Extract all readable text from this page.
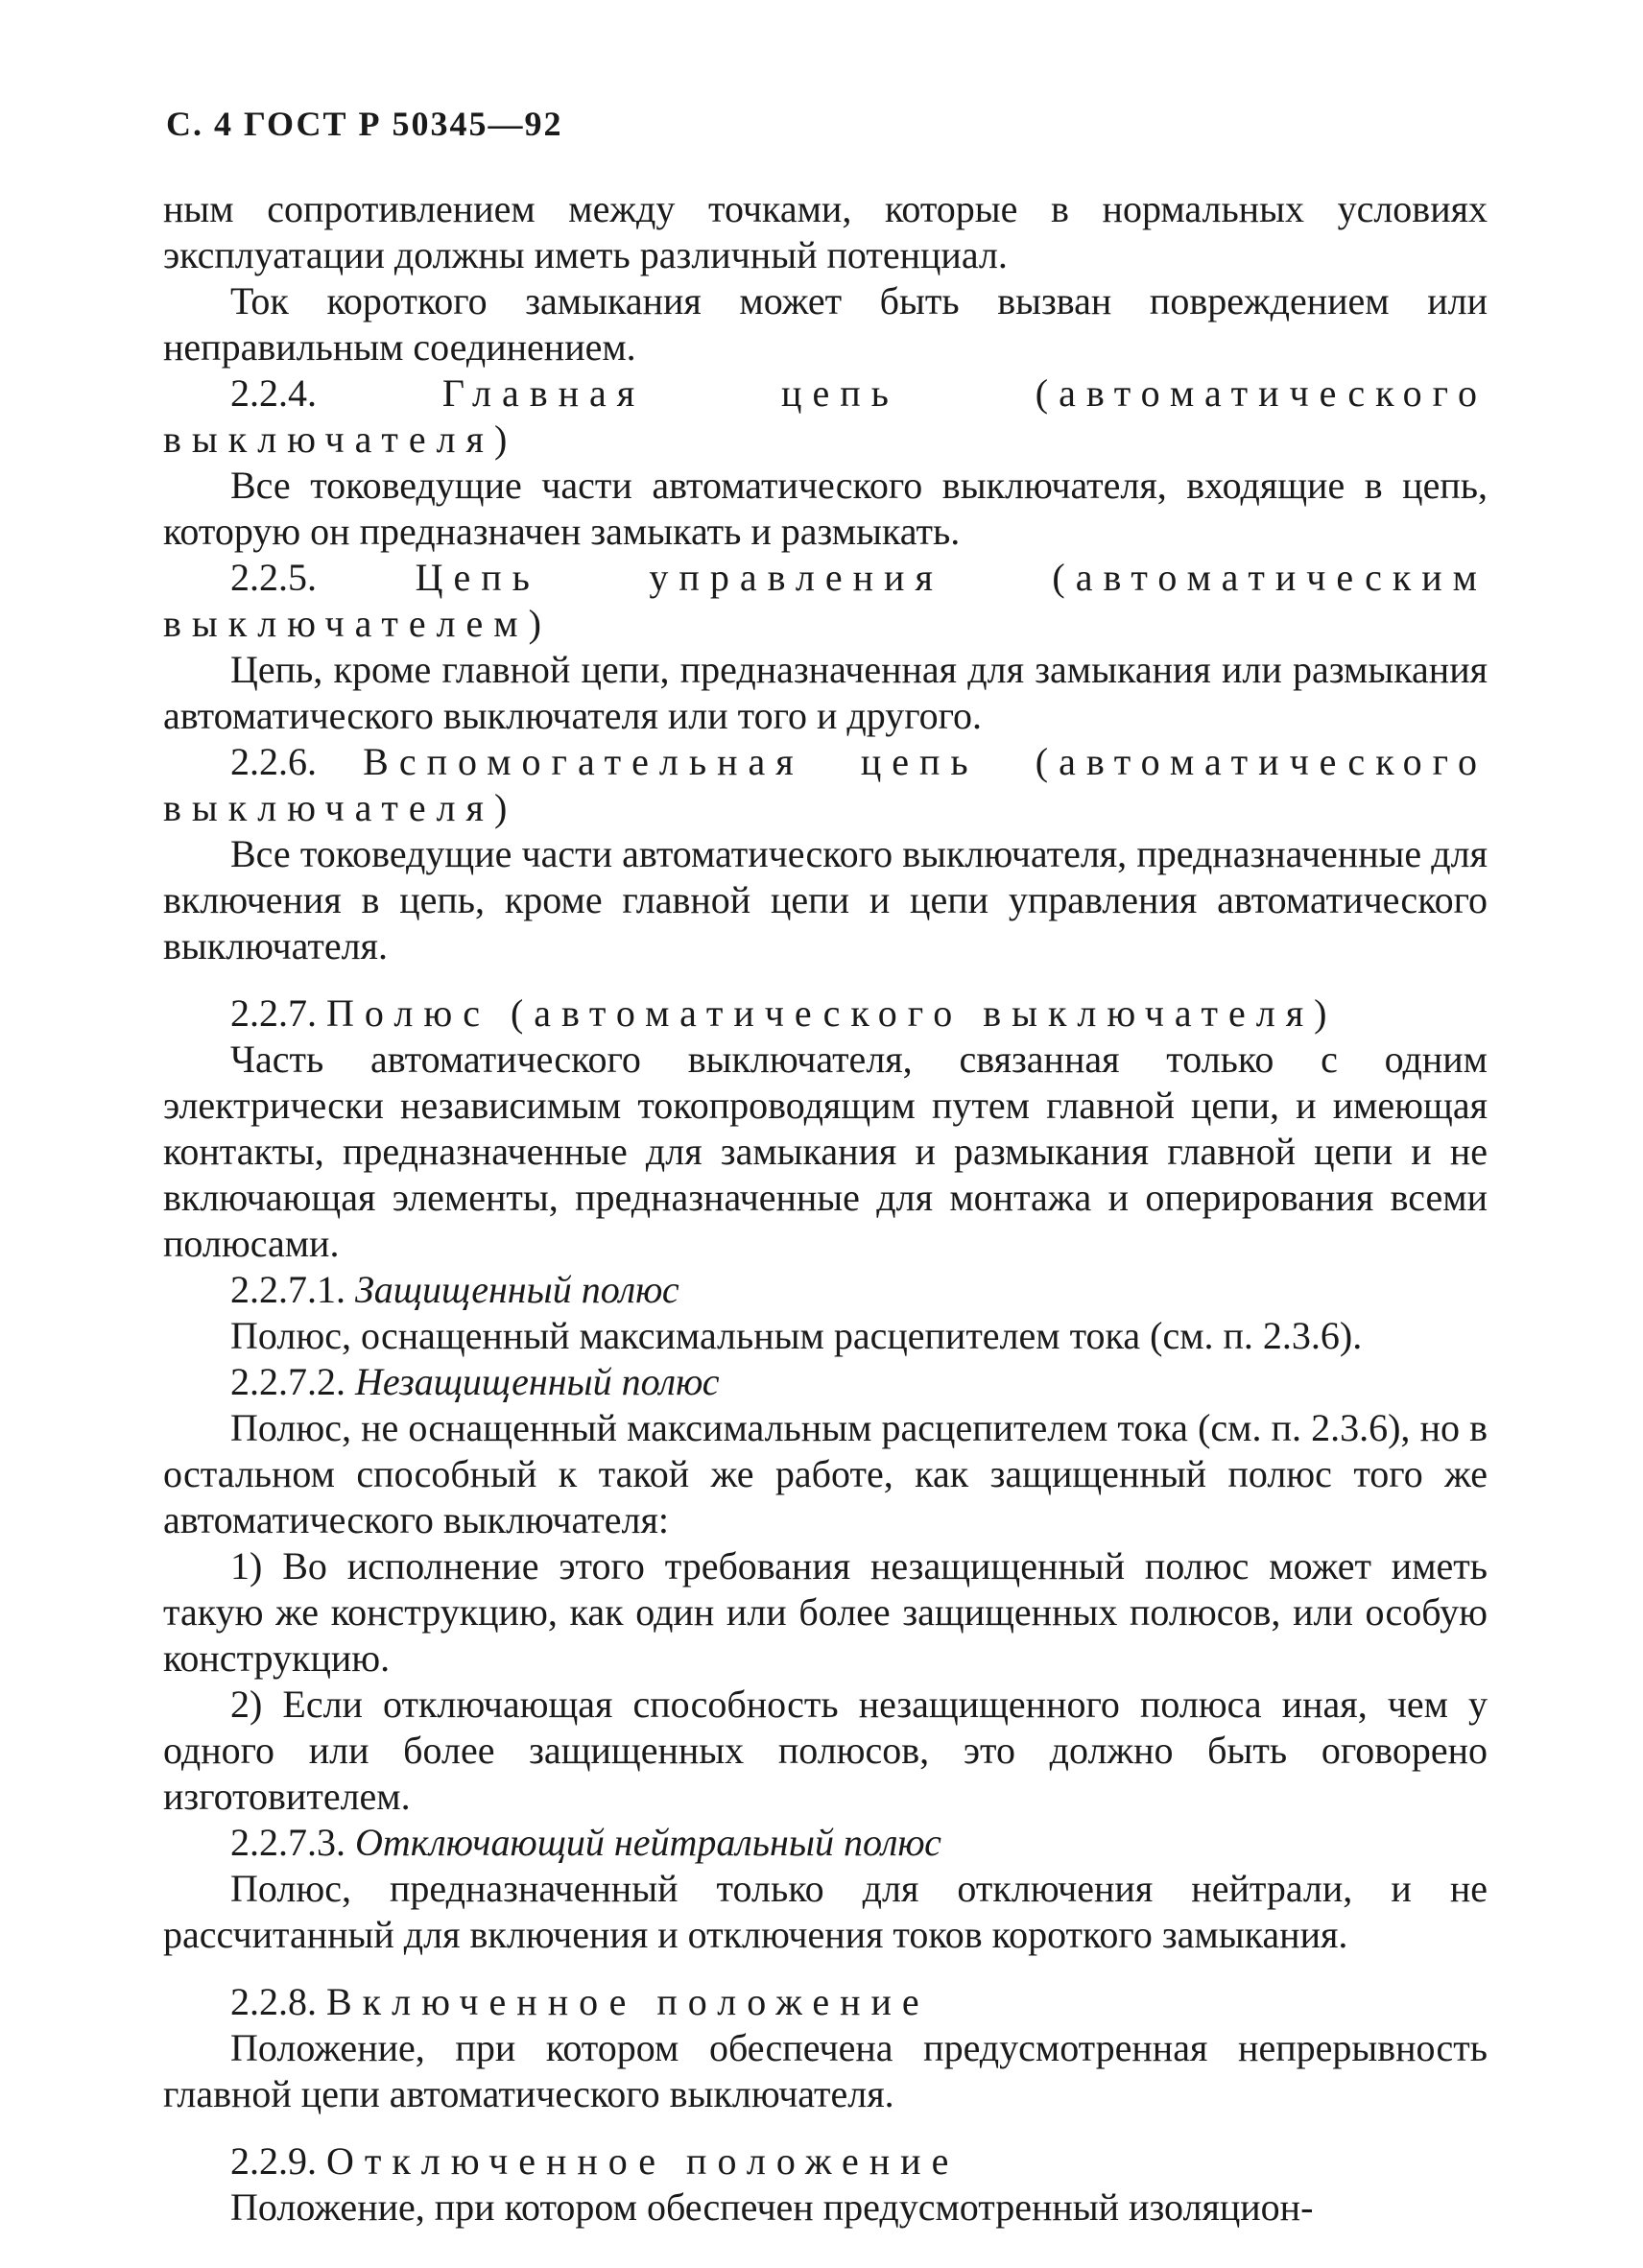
С. 4 ГОСТ Р 50345—92

ным сопротивлением между точками, которые в нормальных условиях эксплуатации должны иметь различный потенциал.

Ток короткого замыкания может быть вызван повреждением или неправильным соединением.

2.2.4.	Главная цепь (автоматического выключателя)

Все токоведущие части автоматического выключателя, входящие в цепь, которую он предназначен замыкать и размыкать.

2.2.5.	Цепь управления (автоматическим выключателем)

Цепь, кроме главной цепи, предназначенная для замыкания или размыкания автоматического выключателя или того и другого.

2.2.6. Вспомогательная цепь (автоматического выключателя)

Все токоведущие части автоматического выключателя, предназначенные для включения в цепь, кроме главной цепи и цепи управления автоматического выключателя.

2.2.7. Полюс (автоматического выключателя)

Часть автоматического выключателя, связанная только с одним электрически независимым токопроводящим путем главной цепи, и имеющая контакты, предназначенные для замыкания и размыкания главной цепи и не включающая элементы, предназначенные для монтажа и оперирования всеми полюсами.

2.2.7.1. Защищенный полюс

Полюс, оснащенный максимальным расцепителем тока (см. п. 2.3.6).

2.2.7.2. Незащищенный полюс

Полюс, не оснащенный максимальным расцепителем тока (см. п. 2.3.6), но в остальном способный к такой же работе, как защищенный полюс того же автоматического выключателя:

1) Во исполнение этого требования незащищенный полюс может иметь такую же конструкцию, как один или более защищенных полюсов, или особую конструкцию.

2) Если отключающая способность незащищенного полюса иная, чем у одного или более защищенных полюсов, это должно быть оговорено изготовителем.

2.2.7.3. Отключающий нейтральный полюс

Полюс, предназначенный только для отключения нейтрали, и не рассчитанный для включения и отключения токов короткого замыкания.

2.2.8. Включенное положение

Положение, при котором обеспечена предусмотренная непрерывность главной цепи автоматического выключателя.

2.2.9. Отключенное положение

Положение, при котором обеспечен предусмотренный изоляцион-
